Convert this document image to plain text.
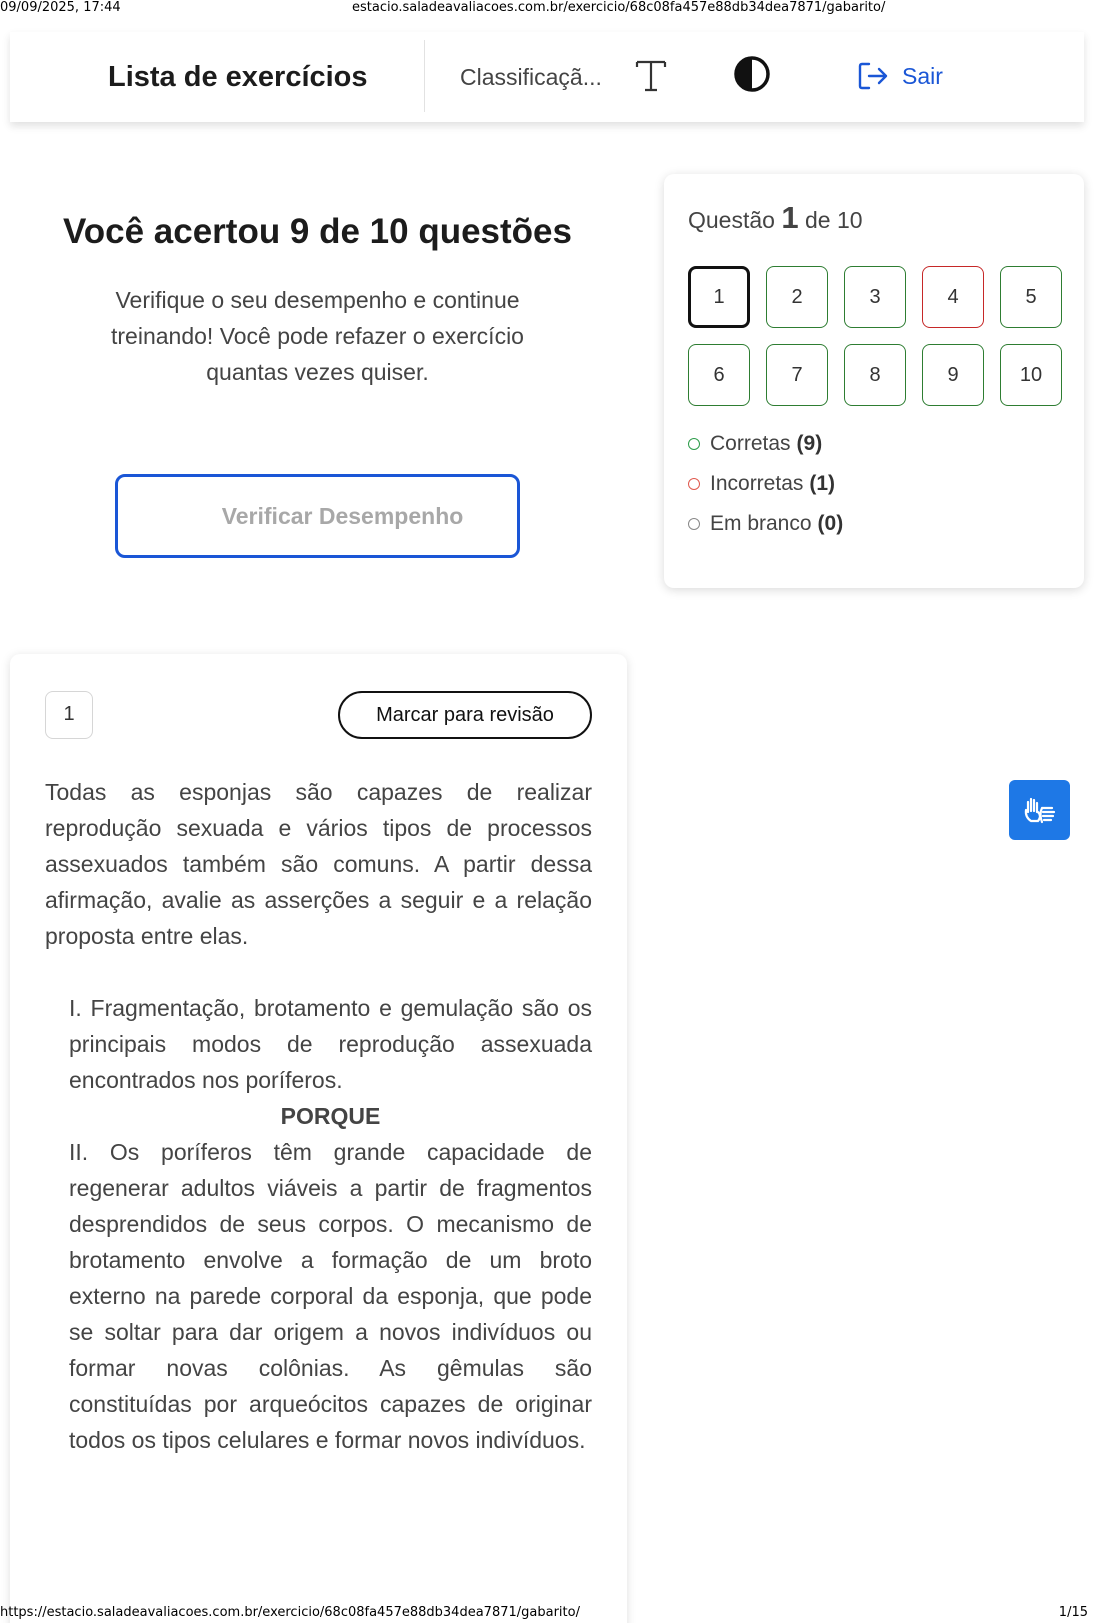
09/09/2025, 17:44	estacio.saladeavaliacoes.com.br/exercicio/68c08fa457e88db34dea7871/gabarito/
Lista de exercícios	Classificaçã...	Sair
Você acertou 9 de 10 questões

Verifique o seu desempenho e continue treinando! Você pode refazer o exercício quantas vezes quiser.

Verificar Desempenho
Questão 1 de 10
1	2	3	4	5
6	7	8	9	10
Corretas (9)
Incorretas (1)
Em branco (0)
1	Marcar para revisão
Todas as esponjas são capazes de realizar reprodução sexuada e vários tipos de processos assexuados também são comuns. A partir dessa afirmação, avalie as asserções a seguir e a relação proposta entre elas.
I. Fragmentação, brotamento e gemulação são os principais modos de reprodução assexuada encontrados nos poríferos.
PORQUE
II. Os poríferos têm grande capacidade de regenerar adultos viáveis a partir de fragmentos desprendidos de seus corpos. O mecanismo de brotamento envolve a formação de um broto externo na parede corporal da esponja, que pode se soltar para dar origem a novos indivíduos ou formar novas colônias. As gêmulas são constituídas por arqueócitos capazes de originar todos os tipos celulares e formar novos indivíduos.
https://estacio.saladeavaliacoes.com.br/exercicio/68c08fa457e88db34dea7871/gabarito/	1/15
